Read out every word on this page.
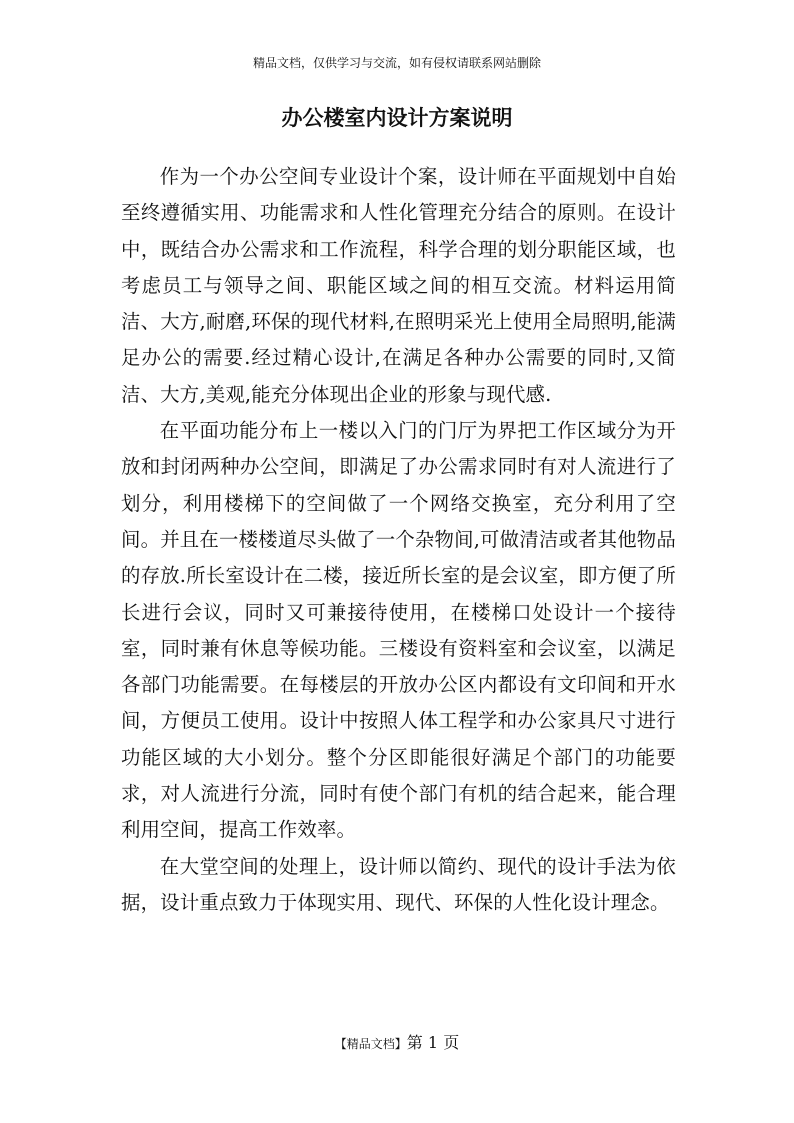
精品文档，仅供学习与交流，如有侵权请联系网站删除
办公楼室内设计方案说明

作为一个办公空间专业设计个案，设计师在平面规划中自始至终遵循实用、功能需求和人性化管理充分结合的原则。在设计中，既结合办公需求和工作流程，科学合理的划分职能区域，也考虑员工与领导之间、职能区域之间的相互交流。材料运用简洁、大方,耐磨,环保的现代材料,在照明采光上使用全局照明,能满足办公的需要.经过精心设计,在满足各种办公需要的同时,又简洁、大方,美观,能充分体现出企业的形象与现代感.

在平面功能分布上一楼以入门的门厅为界把工作区域分为开放和封闭两种办公空间，即满足了办公需求同时有对人流进行了划分，利用楼梯下的空间做了一个网络交换室，充分利用了空间。并且在一楼楼道尽头做了一个杂物间,可做清洁或者其他物品的存放.所长室设计在二楼，接近所长室的是会议室，即方便了所长进行会议，同时又可兼接待使用，在楼梯口处设计一个接待室，同时兼有休息等候功能。三楼设有资料室和会议室，以满足各部门功能需要。在每楼层的开放办公区内都设有文印间和开水间，方便员工使用。设计中按照人体工程学和办公家具尺寸进行功能区域的大小划分。整个分区即能很好满足个部门的功能要求，对人流进行分流，同时有使个部门有机的结合起来，能合理利用空间，提高工作效率。

在大堂空间的处理上，设计师以简约、现代的设计手法为依据，设计重点致力于体现实用、现代、环保的人性化设计理念。

【精品文档】第 1 页
